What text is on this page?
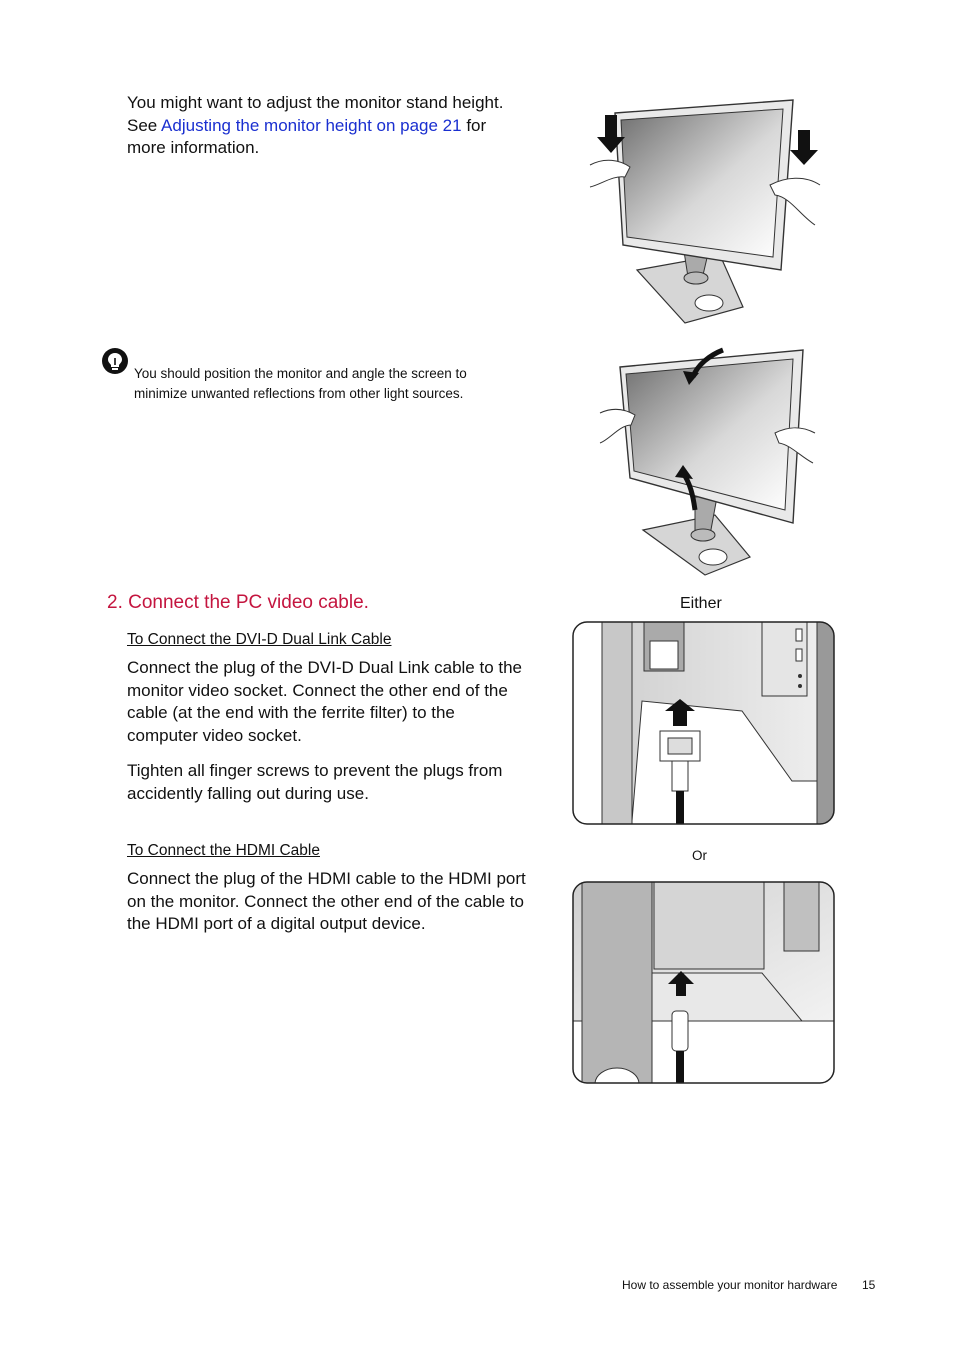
You might want to adjust the monitor stand height.
See Adjusting the monitor height on page 21 for
more information.
You should position the monitor and angle the screen to minimize unwanted reflections from other light sources.
2. Connect the PC video cable.
To Connect the DVI-D Dual Link Cable
Connect the plug of the DVI-D Dual Link cable to the monitor video socket. Connect the other end of the cable (at the end with the ferrite filter) to the computer video socket.
Tighten all finger screws to prevent the plugs from accidently falling out during use.
To Connect the HDMI Cable
Connect the plug of the HDMI cable to the HDMI port on the monitor. Connect the other end of the cable to the HDMI port of a digital output device.
Either
Or
How to assemble your monitor hardware 15
